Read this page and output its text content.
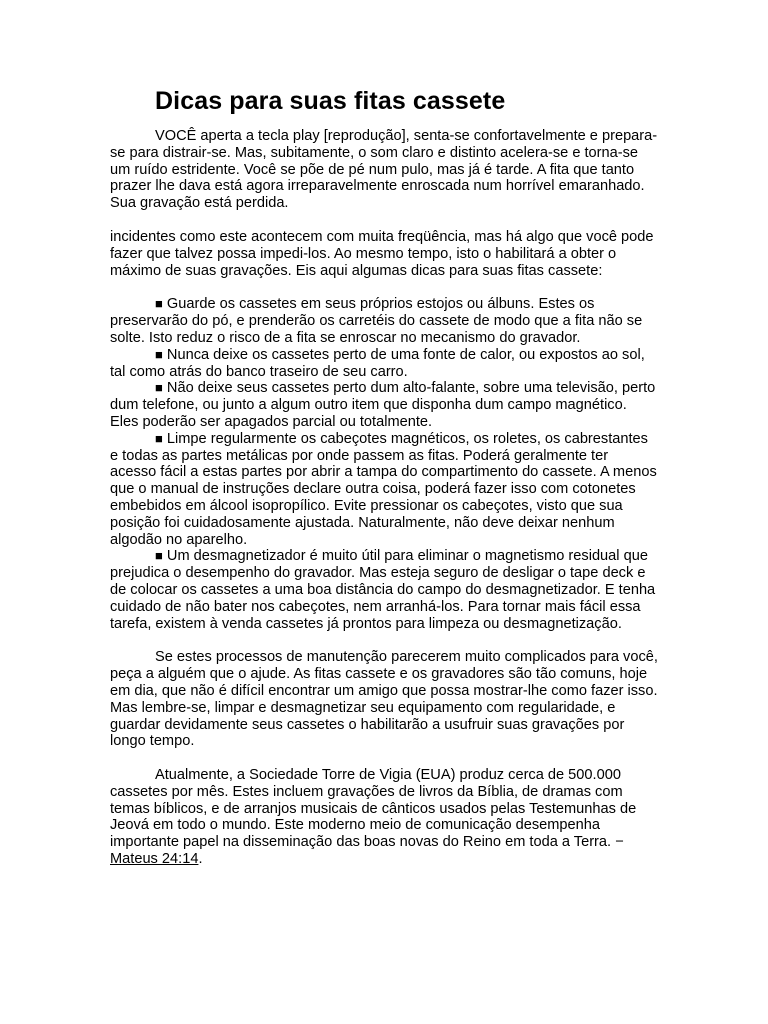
Dicas para suas fitas cassete

VOCÊ aperta a tecla play [reprodução], senta-se confortavelmente e prepara-se para distrair-se. Mas, subitamente, o som claro e distinto acelera-se e torna-se um ruído estridente. Você se põe de pé num pulo, mas já é tarde. A fita que tanto prazer lhe dava está agora irreparavelmente enroscada num horrível emaranhado. Sua gravação está perdida.

incidentes como este acontecem com muita freqüência, mas há algo que você pode fazer que talvez possa impedi-los. Ao mesmo tempo, isto o habilitará a obter o máximo de suas gravações. Eis aqui algumas dicas para suas fitas cassete:

■ Guarde os cassetes em seus próprios estojos ou álbuns. Estes os preservarão do pó, e prenderão os carretéis do cassete de modo que a fita não se solte. Isto reduz o risco de a fita se enroscar no mecanismo do gravador.

■ Nunca deixe os cassetes perto de uma fonte de calor, ou expostos ao sol, tal como atrás do banco traseiro de seu carro.

■ Não deixe seus cassetes perto dum alto-falante, sobre uma televisão, perto dum telefone, ou junto a algum outro item que disponha dum campo magnético. Eles poderão ser apagados parcial ou totalmente.

■ Limpe regularmente os cabeçotes magnéticos, os roletes, os cabrestantes e todas as partes metálicas por onde passem as fitas. Poderá geralmente ter acesso fácil a estas partes por abrir a tampa do compartimento do cassete. A menos que o manual de instruções declare outra coisa, poderá fazer isso com cotonetes embebidos em álcool isopropílico. Evite pressionar os cabeçotes, visto que sua posição foi cuidadosamente ajustada. Naturalmente, não deve deixar nenhum algodão no aparelho.

■ Um desmagnetizador é muito útil para eliminar o magnetismo residual que prejudica o desempenho do gravador. Mas esteja seguro de desligar o tape deck e de colocar os cassetes a uma boa distância do campo do desmagnetizador. E tenha cuidado de não bater nos cabeçotes, nem arranhá-los. Para tornar mais fácil essa tarefa, existem à venda cassetes já prontos para limpeza ou desmagnetização.

Se estes processos de manutenção parecerem muito complicados para você, peça a alguém que o ajude. As fitas cassete e os gravadores são tão comuns, hoje em dia, que não é difícil encontrar um amigo que possa mostrar-lhe como fazer isso. Mas lembre-se, limpar e desmagnetizar seu equipamento com regularidade, e guardar devidamente seus cassetes o habilitarão a usufruir suas gravações por longo tempo.

Atualmente, a Sociedade Torre de Vigia (EUA) produz cerca de 500.000 cassetes por mês. Estes incluem gravações de livros da Bíblia, de dramas com temas bíblicos, e de arranjos musicais de cânticos usados pelas Testemunhas de Jeová em todo o mundo. Este moderno meio de comunicação desempenha importante papel na disseminação das boas novas do Reino em toda a Terra. − Mateus 24:14.
